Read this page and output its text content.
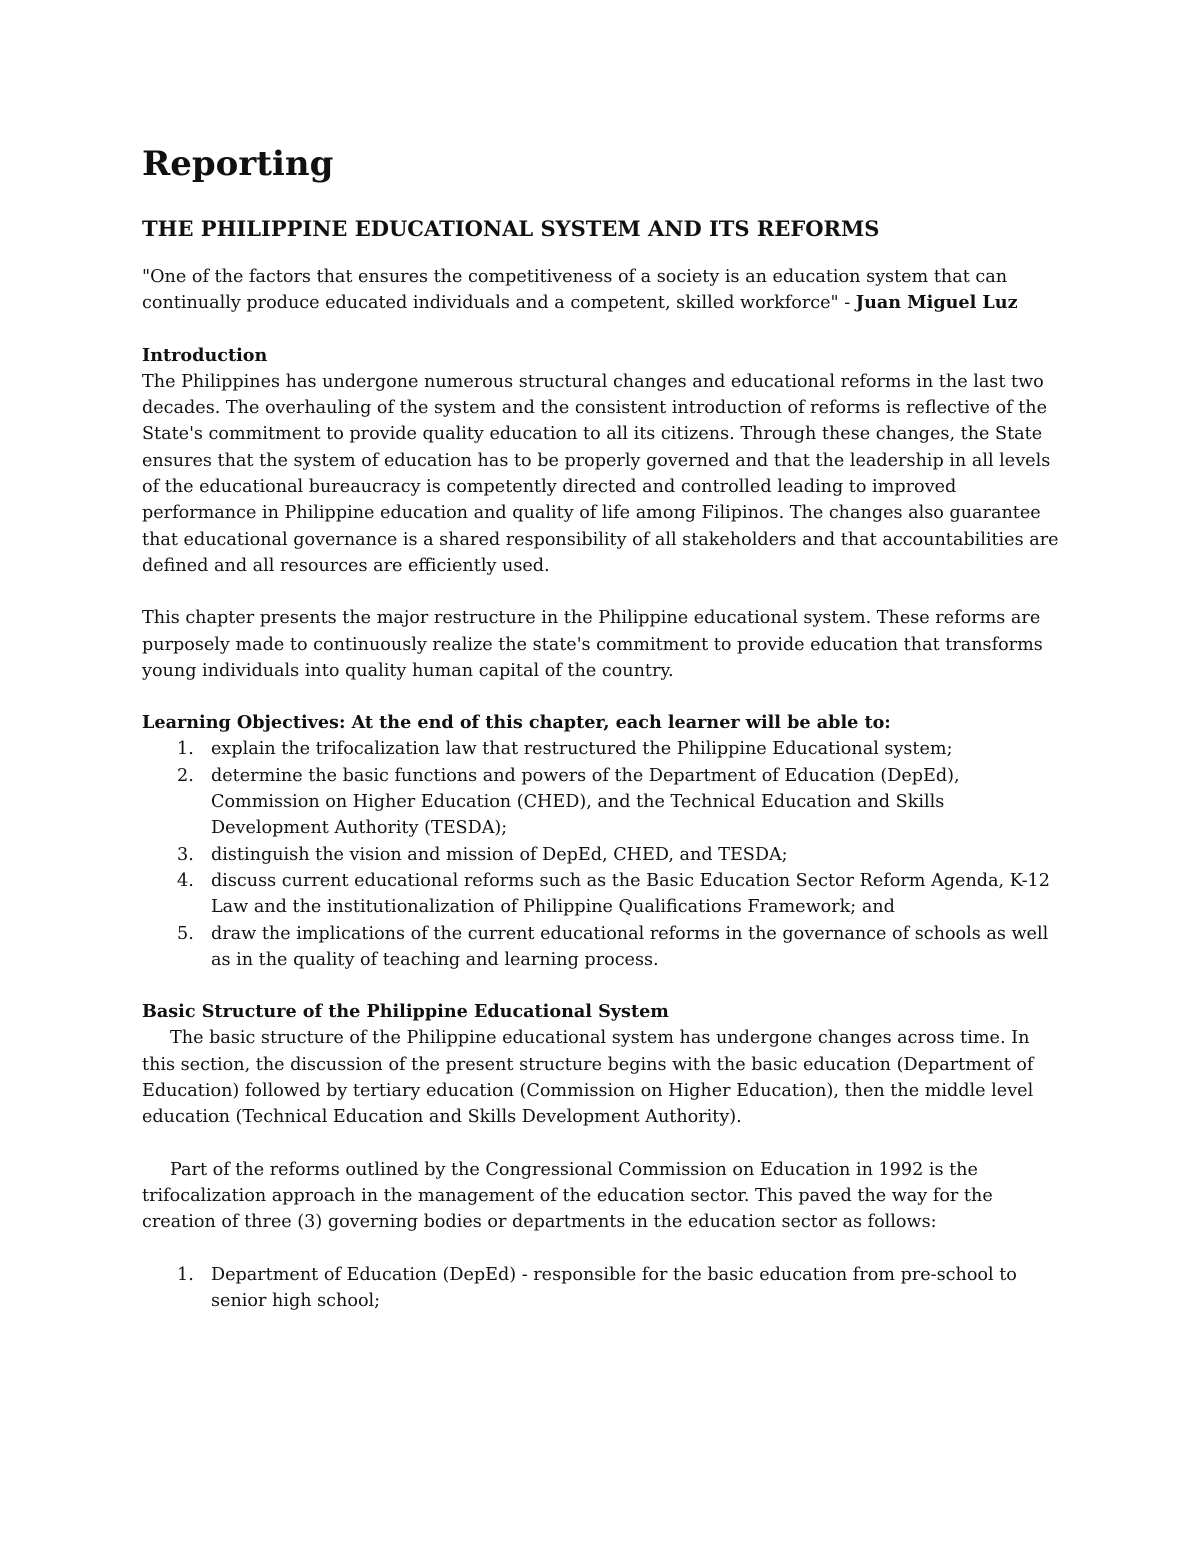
Reporting
THE PHILIPPINE EDUCATIONAL SYSTEM AND ITS REFORMS

"One of the factors that ensures the competitiveness of a society is an education system that can continually produce educated individuals and a competent, skilled workforce" - Juan Miguel Luz

Introduction

The Philippines has undergone numerous structural changes and educational reforms in the last two decades. The overhauling of the system and the consistent introduction of reforms is reflective of the State's commitment to provide quality education to all its citizens. Through these changes, the State ensures that the system of education has to be properly governed and that the leadership in all levels of the educational bureaucracy is competently directed and controlled leading to improved performance in Philippine education and quality of life among Filipinos. The changes also guarantee that educational governance is a shared responsibility of all stakeholders and that accountabilities are defined and all resources are efficiently used.

This chapter presents the major restructure in the Philippine educational system. These reforms are purposely made to continuously realize the state's commitment to provide education that transforms young individuals into quality human capital of the country.

Learning Objectives: At the end of this chapter, each learner will be able to:

1. explain the trifocalization law that restructured the Philippine Educational system;
2. determine the basic functions and powers of the Department of Education (DepEd), Commission on Higher Education (CHED), and the Technical Education and Skills Development Authority (TESDA);
3. distinguish the vision and mission of DepEd, CHED, and TESDA;
4. discuss current educational reforms such as the Basic Education Sector Reform Agenda, K-12 Law and the institutionalization of Philippine Qualifications Framework; and
5. draw the implications of the current educational reforms in the governance of schools as well as in the quality of teaching and learning process.

Basic Structure of the Philippine Educational System

The basic structure of the Philippine educational system has undergone changes across time. In this section, the discussion of the present structure begins with the basic education (Department of Education) followed by tertiary education (Commission on Higher Education), then the middle level education (Technical Education and Skills Development Authority).

Part of the reforms outlined by the Congressional Commission on Education in 1992 is the trifocalization approach in the management of the education sector. This paved the way for the creation of three (3) governing bodies or departments in the education sector as follows:

1. Department of Education (DepEd) - responsible for the basic education from pre-school to senior high school;
